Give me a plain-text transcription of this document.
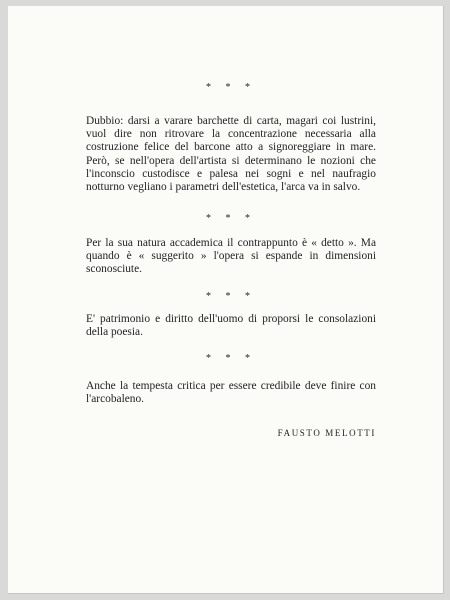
* * *

Dubbio: darsi a varare barchette di carta, magari coi lustrini, vuol dire non ritrovare la concentrazione necessaria alla costruzione felice del barcone atto a signoreggiare in mare. Però, se nell'opera dell'artista si determinano le nozioni che l'inconscio custodisce e palesa nei sogni e nel naufragio notturno vegliano i parametri dell'estetica, l'arca va in salvo.

* * *

Per la sua natura accademica il contrappunto è « detto ». Ma quando è « suggerito » l'opera si espande in dimensioni sconosciute.

* * *

E' patrimonio e diritto dell'uomo di proporsi le consolazioni della poesia.

* * *

Anche la tempesta critica per essere credibile deve finire con l'arcobaleno.

FAUSTO MELOTTI
